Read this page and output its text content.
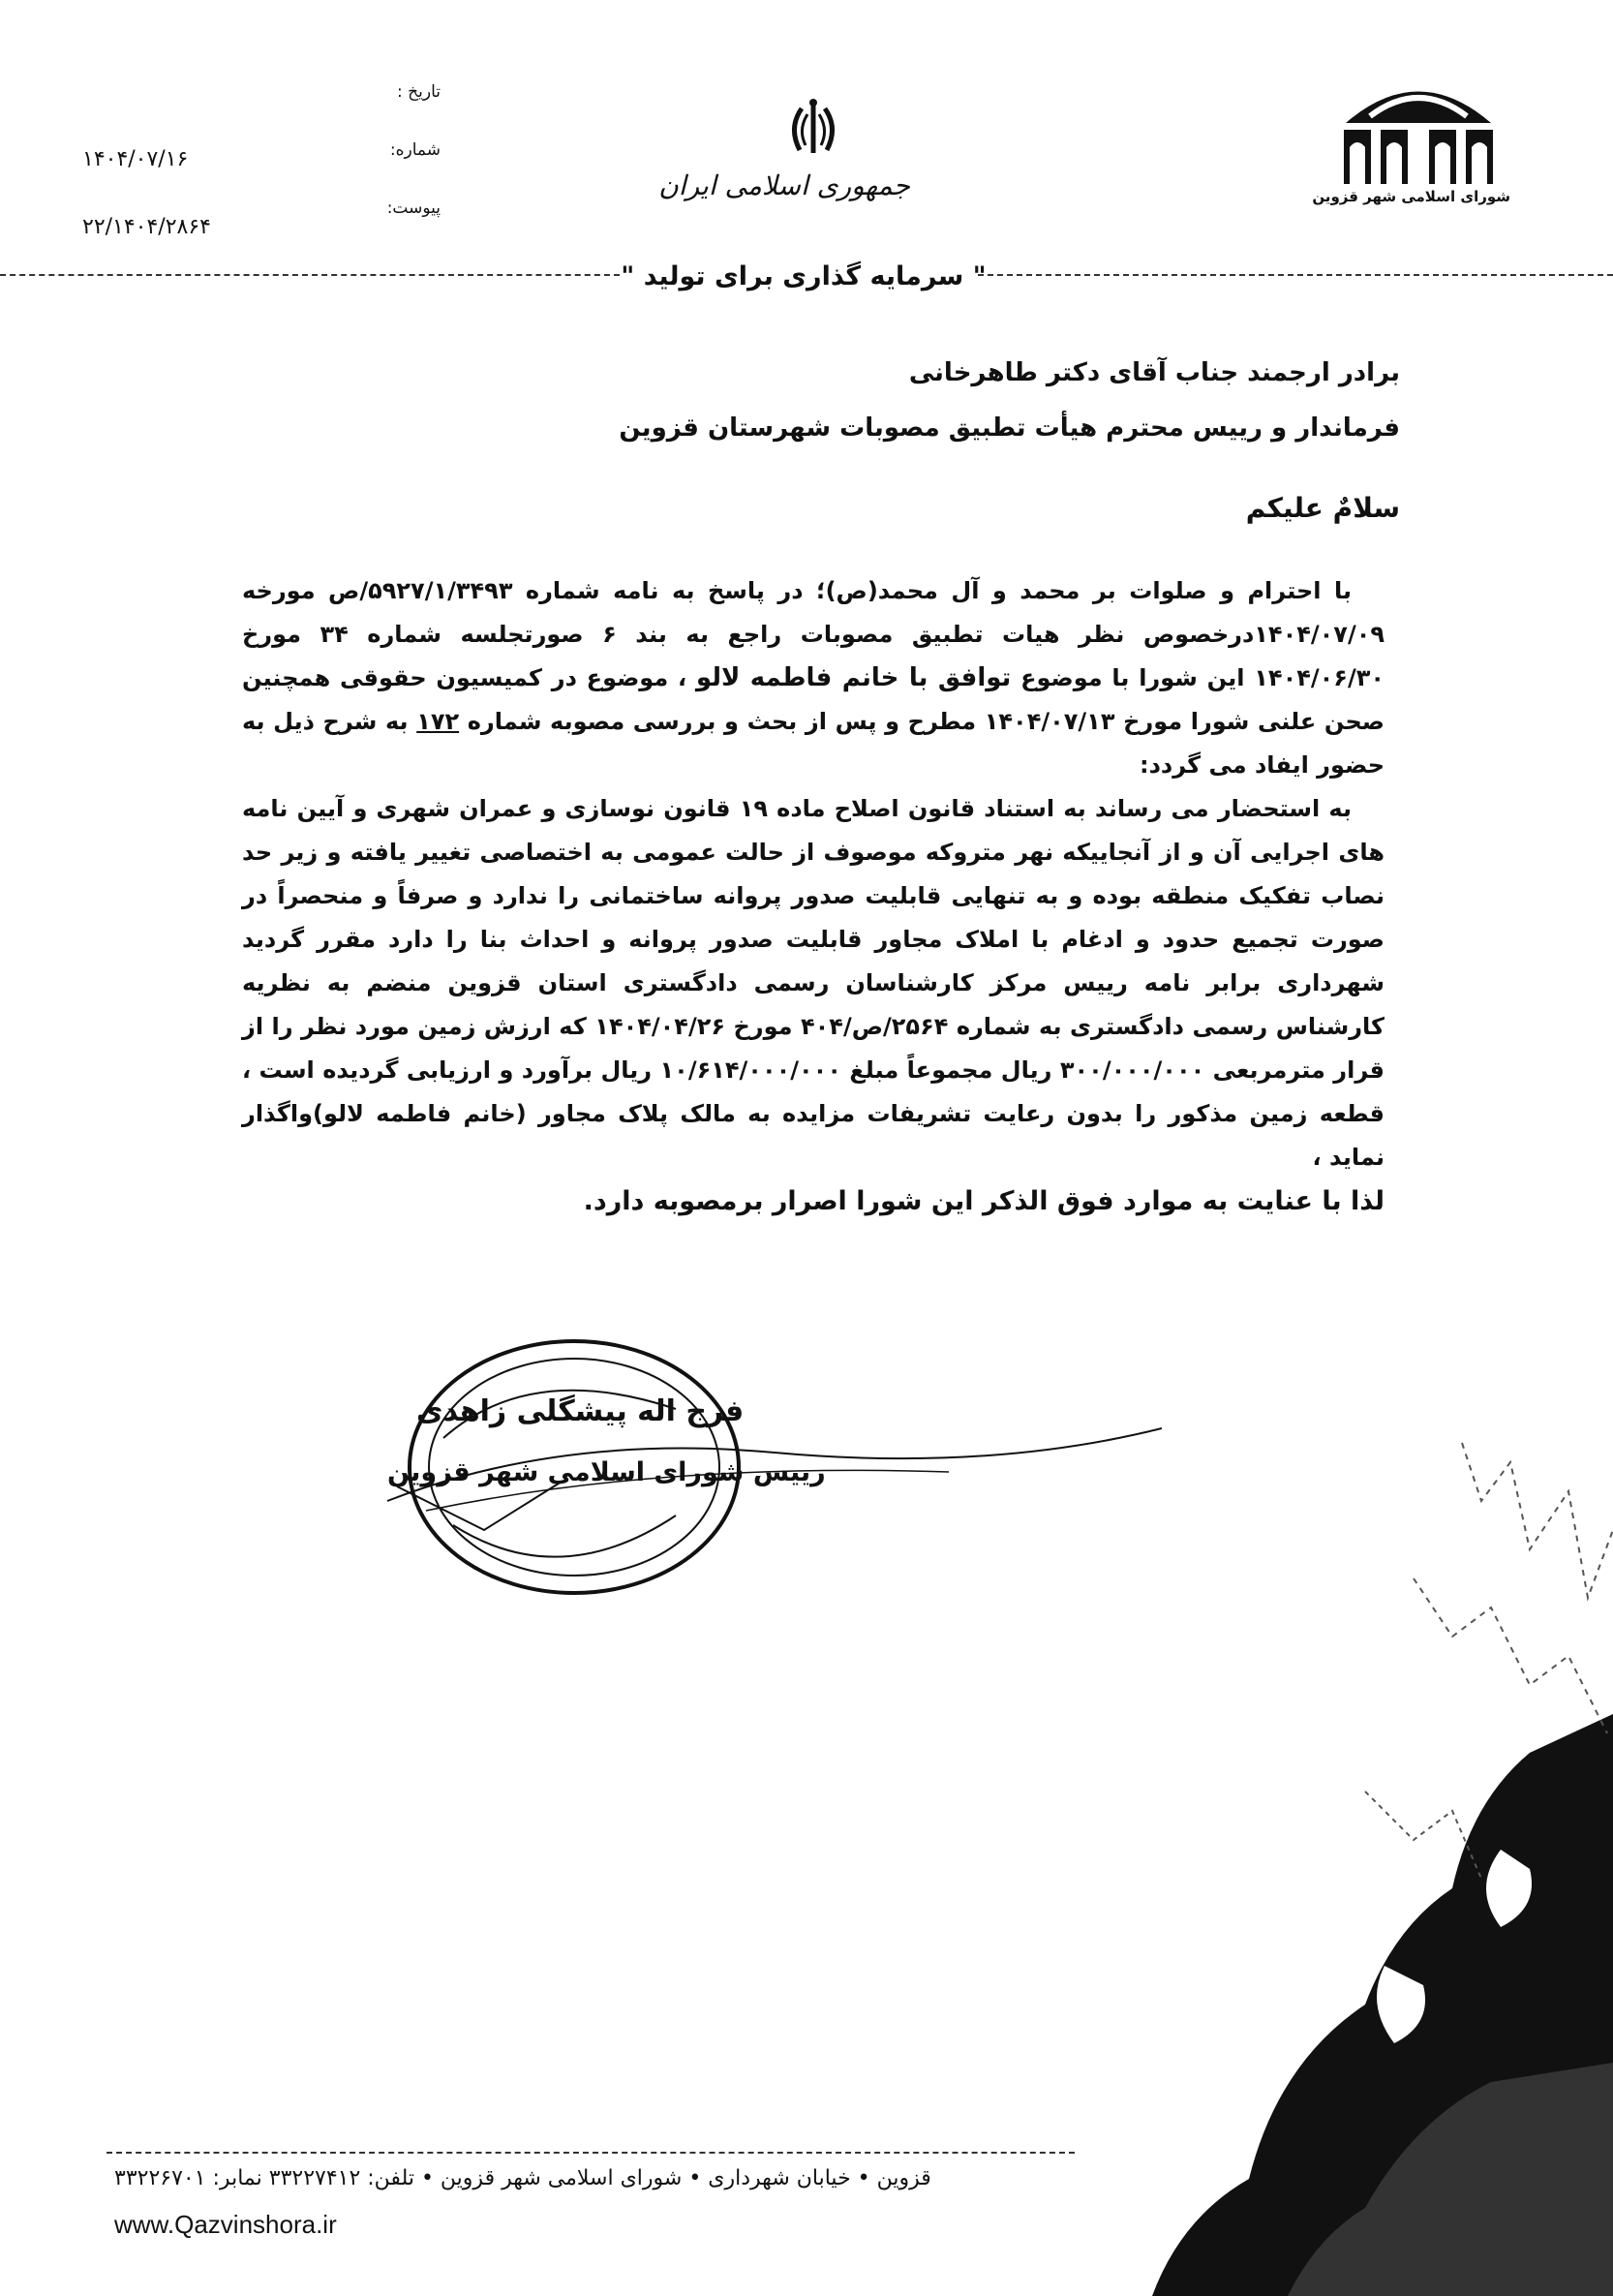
شورای اسلامی شهر قزوین
جمهوری اسلامی ایران
تاریخ :
شماره:
پیوست:
۱۴۰۴/۰۷/۱۶
۲۲/۱۴۰۴/۲۸۶۴
" سرمایه گذاری برای تولید "
برادر ارجمند جناب آقای دکتر طاهرخانی
فرماندار و رییس محترم هیأت تطبیق مصوبات شهرستان قزوین
سلامٌ علیکم

با احترام و صلوات بر محمد و آل محمد(ص)؛ در پاسخ به نامه شماره ۵۹۲۷/۱/۳۴۹۳/ص مورخه ۱۴۰۴/۰۷/۰۹درخصوص نظر هیات تطبیق مصوبات راجع به بند ۶ صورتجلسه شماره ۳۴ مورخ ۱۴۰۴/۰۶/۳۰ این شورا با موضوع توافق با خانم فاطمه لالو ، موضوع در کمیسیون حقوقی همچنین صحن علنی شورا مورخ ۱۴۰۴/۰۷/۱۳ مطرح و پس از بحث و بررسی مصوبه شماره ۱۷۲ به شرح ذیل به حضور ایفاد می گردد:

به استحضار می رساند به استناد قانون اصلاح ماده ۱۹ قانون نوسازی و عمران شهری و آیین نامه های اجرایی آن و از آنجاییکه نهر متروکه موصوف از حالت عمومی به اختصاصی تغییر یافته و زیر حد نصاب تفکیک منطقه بوده و به تنهایی قابلیت صدور پروانه ساختمانی را ندارد و صرفاً و منحصراً در صورت تجمیع حدود و ادغام با املاک مجاور قابلیت صدور پروانه و احداث بنا را دارد مقرر گردید شهرداری برابر نامه رییس مرکز کارشناسان رسمی دادگستری استان قزوین منضم به نظریه کارشناس رسمی دادگستری به شماره ۲۵۶۴/ص/۴۰۴ مورخ ۱۴۰۴/۰۴/۲۶ که ارزش زمین مورد نظر را از قرار مترمربعی ۳۰۰/۰۰۰/۰۰۰ ریال مجموعاً مبلغ ۱۰/۶۱۴/۰۰۰/۰۰۰ ریال برآورد و ارزیابی گردیده است ، قطعه زمین مذکور را بدون رعایت تشریفات مزایده به مالک پلاک مجاور (خانم فاطمه لالو)واگذار نماید ،

لذا با عنایت به موارد فوق الذکر این شورا اصرار برمصوبه دارد.

فرج اله پیشگلی زاهدی
رییس شورای اسلامی شهر قزوین
قزوین • خیابان شهرداری • شورای اسلامی شهر قزوین • تلفن: ۳۳۲۲۷۴۱۲ نمابر: ۳۳۲۲۶۷۰۱
www.Qazvinshora.ir
